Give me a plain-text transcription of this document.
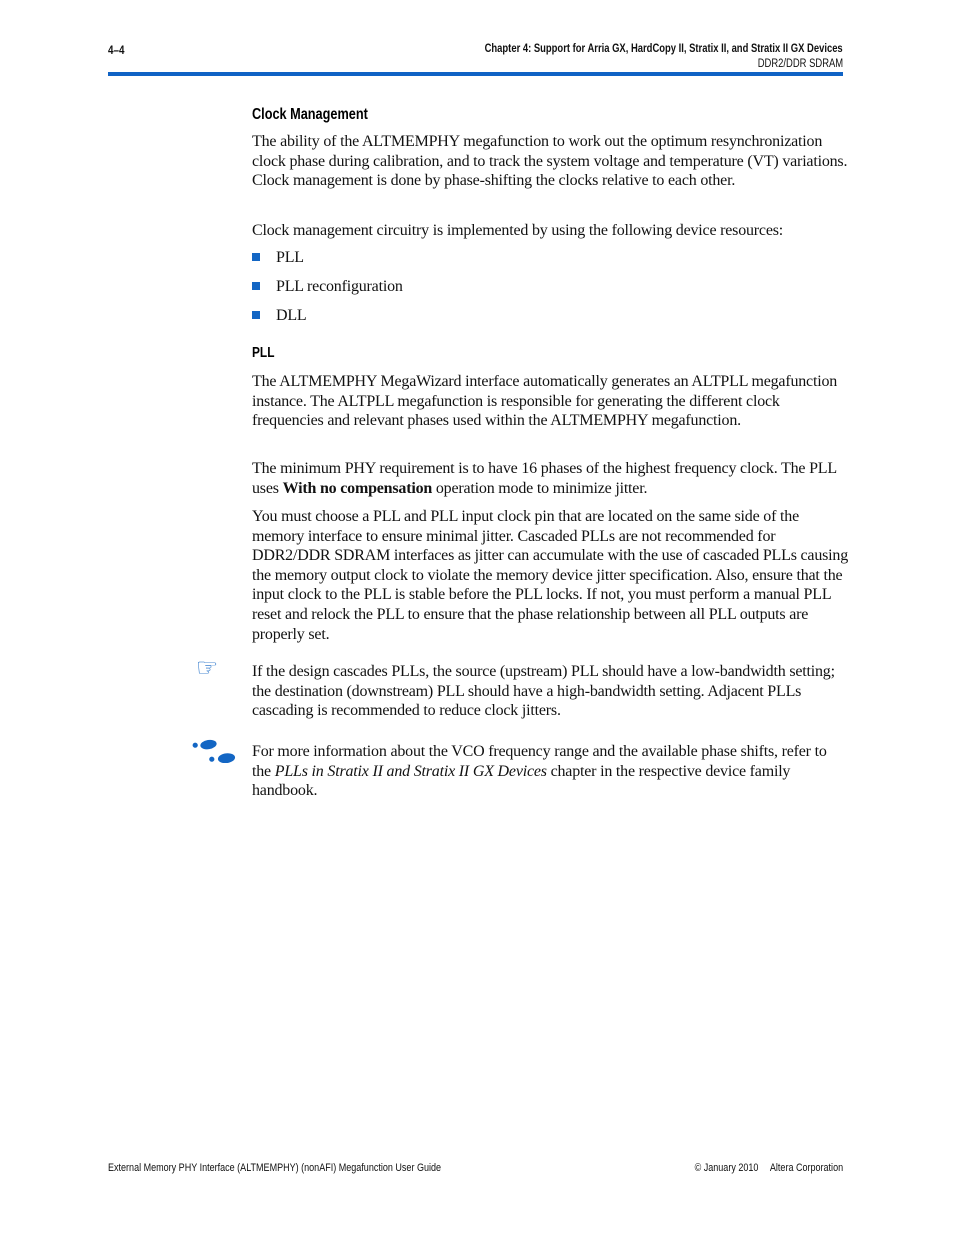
4–4	Chapter 4: Support for Arria GX, HardCopy II, Stratix II, and Stratix II GX Devices
DDR2/DDR SDRAM
Clock Management

The ability of the ALTMEMPHY megafunction to work out the optimum resynchronization clock phase during calibration, and to track the system voltage and temperature (VT) variations. Clock management is done by phase-shifting the clocks relative to each other.

Clock management circuitry is implemented by using the following device resources:

PLL
PLL reconfiguration
DLL
PLL

The ALTMEMPHY MegaWizard interface automatically generates an ALTPLL megafunction instance. The ALTPLL megafunction is responsible for generating the different clock frequencies and relevant phases used within the ALTMEMPHY megafunction.

The minimum PHY requirement is to have 16 phases of the highest frequency clock. The PLL uses With no compensation operation mode to minimize jitter.

You must choose a PLL and PLL input clock pin that are located on the same side of the memory interface to ensure minimal jitter. Cascaded PLLs are not recommended for DDR2/DDR SDRAM interfaces as jitter can accumulate with the use of cascaded PLLs causing the memory output clock to violate the memory device jitter specification. Also, ensure that the input clock to the PLL is stable before the PLL locks. If not, you must perform a manual PLL reset and relock the PLL to ensure that the phase relationship between all PLL outputs are properly set.

☞ If the design cascades PLLs, the source (upstream) PLL should have a low-bandwidth setting; the destination (downstream) PLL should have a high-bandwidth setting. Adjacent PLLs cascading is recommended to reduce clock jitters.

For more information about the VCO frequency range and the available phase shifts, refer to the PLLs in Stratix II and Stratix II GX Devices chapter in the respective device family handbook.

External Memory PHY Interface (ALTMEMPHY) (nonAFI) Megafunction User Guide	© January 2010 Altera Corporation
